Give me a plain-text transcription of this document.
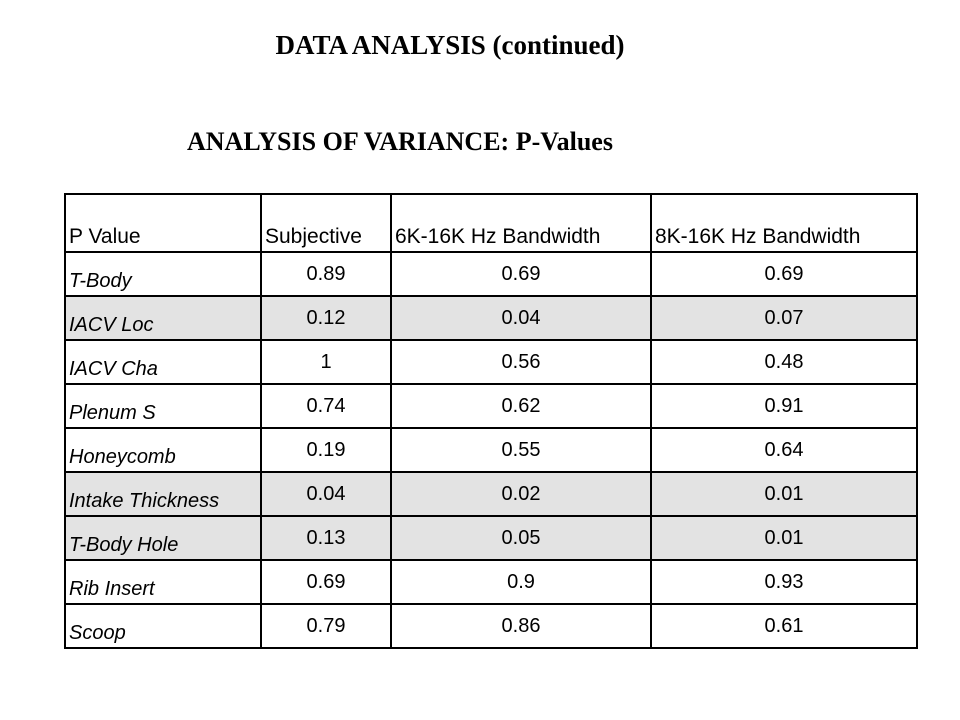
DATA ANALYSIS (continued)
ANALYSIS OF VARIANCE: P-Values
P Value	Subjective	6K-16K Hz Bandwidth	8K-16K Hz Bandwidth
T-Body	0.89	0.69	0.69
IACV Loc	0.12	0.04	0.07
IACV Cha	1	0.56	0.48
Plenum S	0.74	0.62	0.91
Honeycomb	0.19	0.55	0.64
Intake Thickness	0.04	0.02	0.01
T-Body Hole	0.13	0.05	0.01
Rib Insert	0.69	0.9	0.93
Scoop	0.79	0.86	0.61
